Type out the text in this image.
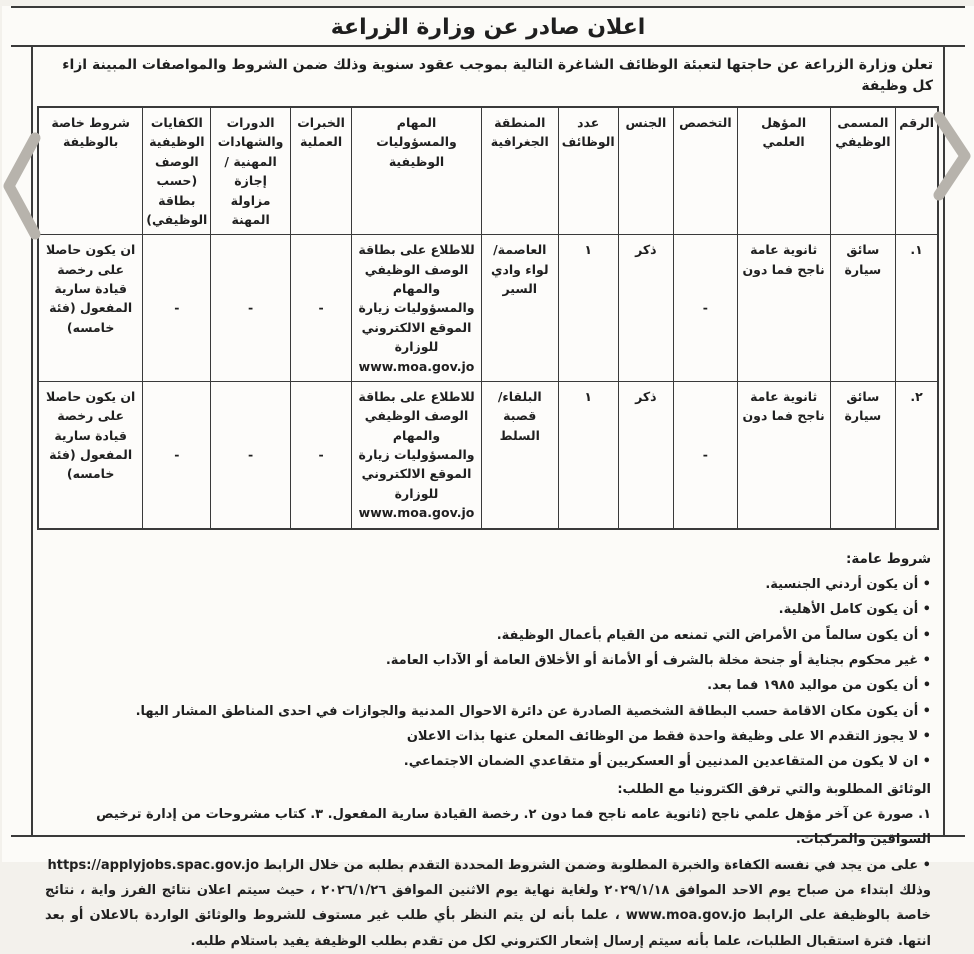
اعلان صادر عن وزارة الزراعة
تعلن وزارة الزراعة عن حاجتها لتعبئة الوظائف الشاغرة التالية بموجب عقود سنوية وذلك ضمن الشروط والمواصفات المبينة ازاء كل وظيفة
الرقم	المسمى الوظيفي	المؤهل العلمي	التخصص	الجنس	عدد الوظائف	المنطقة الجغرافية	المهام والمسؤوليات الوظيفية	الخبرات العملية	الدورات والشهادات المهنية / إجازة مزاولة المهنة	الكفايات الوظيفية الوصف (حسب بطاقة الوظيفي)	شروط خاصة بالوظيفة
١.	سائق سيارة	ثانوية عامة ناجح فما دون	-	ذكر	١	العاصمة/ لواء وادي السير	للاطلاع على بطاقة الوصف الوظيفي والمهام والمسؤوليات زيارة الموقع الالكتروني للوزارة www.moa.gov.jo	-	-	-	ان يكون حاصلا على رخصة قيادة سارية المفعول (فئة خامسه)
٢.	سائق سيارة	ثانوية عامة ناجح فما دون	-	ذكر	١	البلقاء/ قصبة السلط	للاطلاع على بطاقة الوصف الوظيفي والمهام والمسؤوليات زيارة الموقع الالكتروني للوزارة www.moa.gov.jo	-	-	-	ان يكون حاصلا على رخصة قيادة سارية المفعول (فئة خامسه)
شروط عامة:
• أن يكون أردني الجنسية.
• أن يكون كامل الأهلية.
• أن يكون سالماً من الأمراض التي تمنعه من القيام بأعمال الوظيفة.
• غير محكوم بجناية أو جنحة مخلة بالشرف أو الأمانة أو الأخلاق العامة أو الآداب العامة.
• أن يكون من مواليد ١٩٨٥ فما بعد.
• أن يكون مكان الاقامة حسب البطاقة الشخصية الصادرة عن دائرة الاحوال المدنية والجوازات في احدى المناطق المشار اليها.
• لا يجوز التقدم الا على وظيفة واحدة فقط من الوظائف المعلن عنها بذات الاعلان
• ان لا يكون من المتقاعدين المدنيين أو العسكريين أو متقاعدي الضمان الاجتماعي.
الوثائق المطلوبة والتي ترفق الكترونيا مع الطلب:
١. صورة عن آخر مؤهل علمي ناجح (ثانوية عامه ناجح فما دون ٢. رخصة القيادة سارية المفعول. ٣. كتاب مشروحات من إدارة ترخيص السواقين والمركبات.
• على من يجد في نفسه الكفاءة والخبرة المطلوبة وضمن الشروط المحددة التقدم بطلبه من خلال الرابط https://applyjobs.spac.gov.jo
وذلك ابتداء من صباح يوم الاحد الموافق ٢٠٢٩/١/١٨ ولغاية نهاية يوم الاثنين الموافق ٢٠٢٦/١/٢٦ ، حيث سيتم اعلان نتائج الفرز واية ، نتائج خاصة بالوظيفة على الرابط www.moa.gov.jo ، علما بأنه لن يتم النظر بأي طلب غير مستوف للشروط والوثائق الواردة بالاعلان أو بعد انتها. فترة استقبال الطلبات، علما بأنه سيتم إرسال إشعار الكتروني لكل من تقدم بطلب الوظيفة يفيد باستلام طلبه.
